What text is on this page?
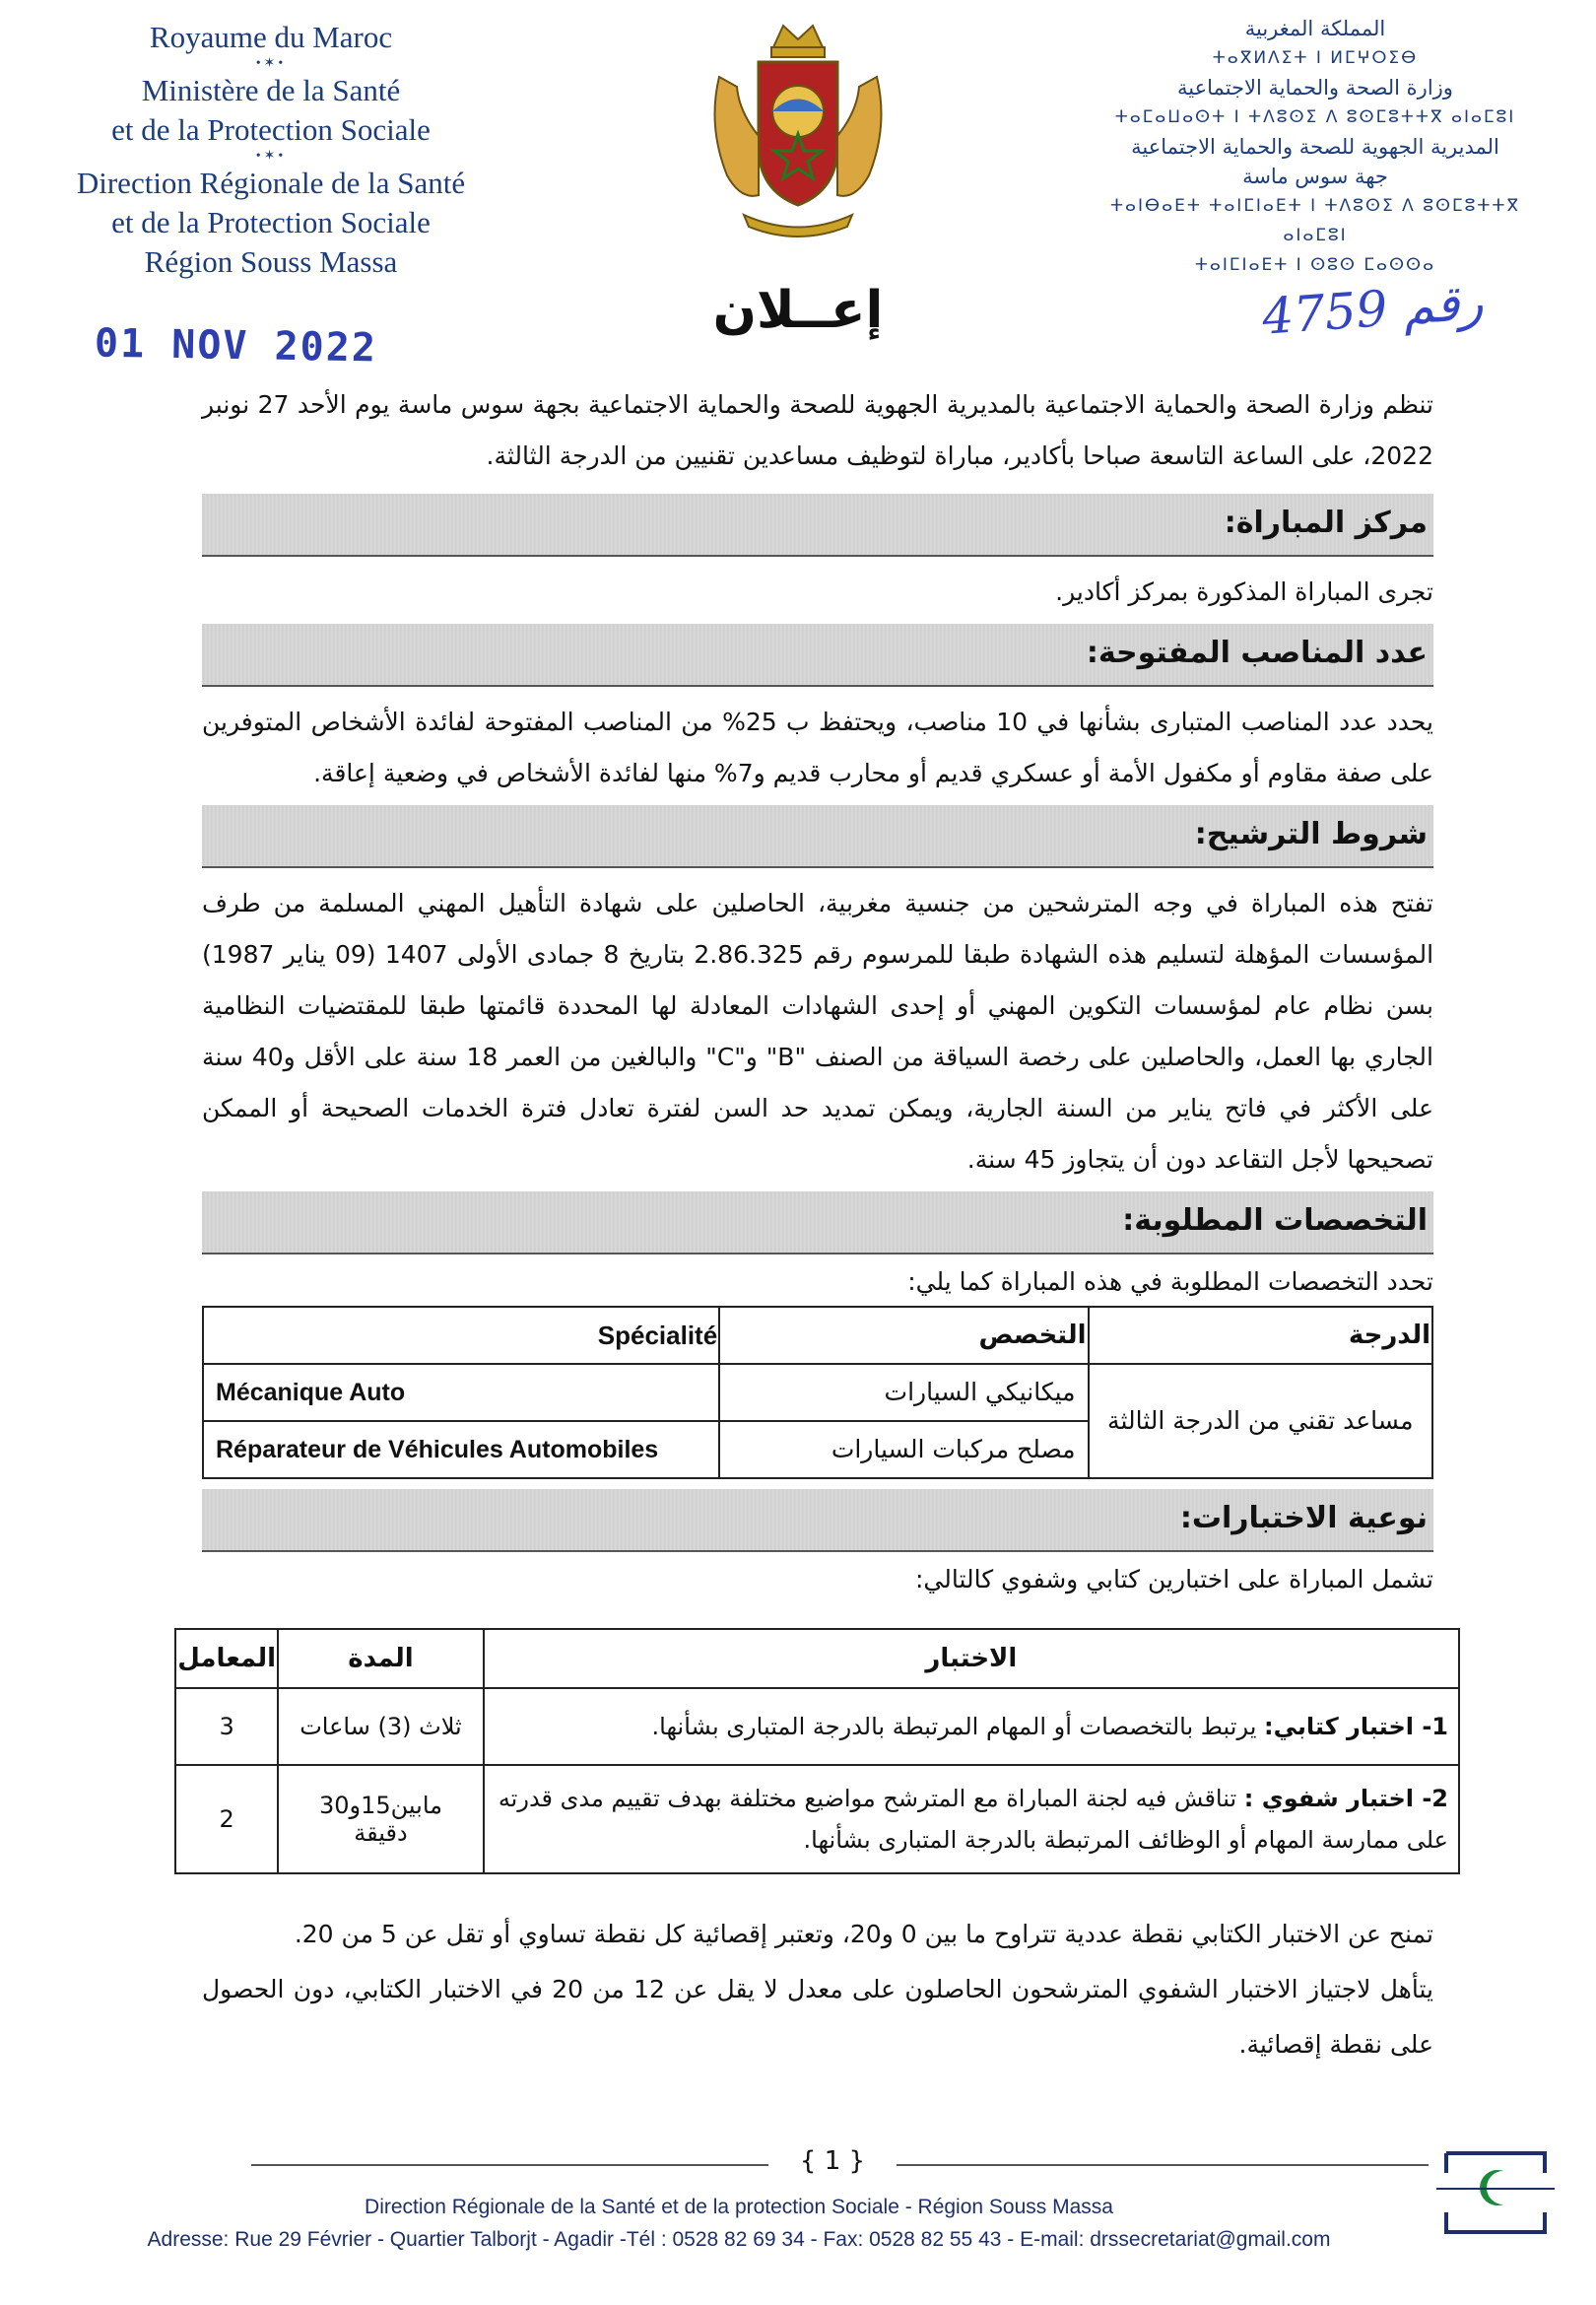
Royaume du Maroc
•✶•
Ministère de la Santé
et de la Protection Sociale
•✶•
Direction Régionale de la Santé
et de la Protection Sociale
Région Souss Massa
المملكة المغربية
ⵜⴰⴳⵍⴷⵉⵜ ⵏ ⵍⵎⵖⵔⵉⴱ
وزارة الصحة والحماية الاجتماعية
ⵜⴰⵎⴰⵡⴰⵙⵜ ⵏ ⵜⴷⵓⵙⵉ ⴷ ⵓⵙⵎⵓⵜⵜⴳ ⴰⵏⴰⵎⵓⵏ
المديرية الجهوية للصحة والحماية الاجتماعية
جهة سوس ماسة
ⵜⴰⵏⴱⴰⴹⵜ ⵜⴰⵏⵎⵏⴰⴹⵜ ⵏ ⵜⴷⵓⵙⵉ ⴷ ⵓⵙⵎⵓⵜⵜⴳ ⴰⵏⴰⵎⵓⵏ
ⵜⴰⵏⵎⵏⴰⴹⵜ ⵏ ⵙⵓⵙ ⵎⴰⵙⵙⴰ
إعــلان
01 NOV 2022
رقم 4759

تنظم وزارة الصحة والحماية الاجتماعية بالمديرية الجهوية للصحة والحماية الاجتماعية بجهة سوس ماسة يوم الأحد 27 نونبر 2022، على الساعة التاسعة صباحا بأكادير، مباراة لتوظيف مساعدين تقنيين من الدرجة الثالثة.

مركز المباراة:

تجرى المباراة المذكورة بمركز أكادير.

عدد المناصب المفتوحة:

يحدد عدد المناصب المتبارى بشأنها في 10 مناصب، ويحتفظ ب 25% من المناصب المفتوحة لفائدة الأشخاص المتوفرين على صفة مقاوم أو مكفول الأمة أو عسكري قديم أو محارب قديم و7% منها لفائدة الأشخاص في وضعية إعاقة.

شروط الترشيح:

تفتح هذه المباراة في وجه المترشحين من جنسية مغربية، الحاصلين على شهادة التأهيل المهني المسلمة من طرف المؤسسات المؤهلة لتسليم هذه الشهادة طبقا للمرسوم رقم 2.86.325 بتاريخ 8 جمادى الأولى 1407 (09 يناير 1987) بسن نظام عام لمؤسسات التكوين المهني أو إحدى الشهادات المعادلة لها المحددة قائمتها طبقا للمقتضيات النظامية الجاري بها العمل، والحاصلين على رخصة السياقة من الصنف "B" و"C" والبالغين من العمر 18 سنة على الأقل و40 سنة على الأكثر في فاتح يناير من السنة الجارية، ويمكن تمديد حد السن لفترة تعادل فترة الخدمات الصحيحة أو الممكن تصحيحها لأجل التقاعد دون أن يتجاوز 45 سنة.

التخصصات المطلوبة:

تحدد التخصصات المطلوبة في هذه المباراة كما يلي:

الدرجة	التخصص	Spécialité
مساعد تقني من الدرجة الثالثة	ميكانيكي السيارات	Mécanique Auto
	مصلح مركبات السيارات	Réparateur de Véhicules Automobiles
نوعية الاختبارات:

تشمل المباراة على اختبارين كتابي وشفوي كالتالي:

الاختبار	المدة	المعامل
1- اختبار كتابي: يرتبط بالتخصصات أو المهام المرتبطة بالدرجة المتبارى بشأنها.	ثلاث (3) ساعات	3
2- اختبار شفوي : تناقش فيه لجنة المباراة مع المترشح مواضيع مختلفة بهدف تقييم مدى قدرته على ممارسة المهام أو الوظائف المرتبطة بالدرجة المتبارى بشأنها.	مابين15و30 دقيقة	2

تمنح عن الاختبار الكتابي نقطة عددية تتراوح ما بين 0 و20، وتعتبر إقصائية كل نقطة تساوي أو تقل عن 5 من 20.

يتأهل لاجتياز الاختبار الشفوي المترشحون الحاصلون على معدل لا يقل عن 12 من 20 في الاختبار الكتابي، دون الحصول على نقطة إقصائية.

{ 1 }
Direction Régionale de la Santé et de la protection Sociale - Région Souss Massa
Adresse: Rue 29 Février - Quartier Talborjt - Agadir -Tél : 0528 82 69 34 - Fax: 0528 82 55 43 - E-mail: drssecretariat@gmail.com
